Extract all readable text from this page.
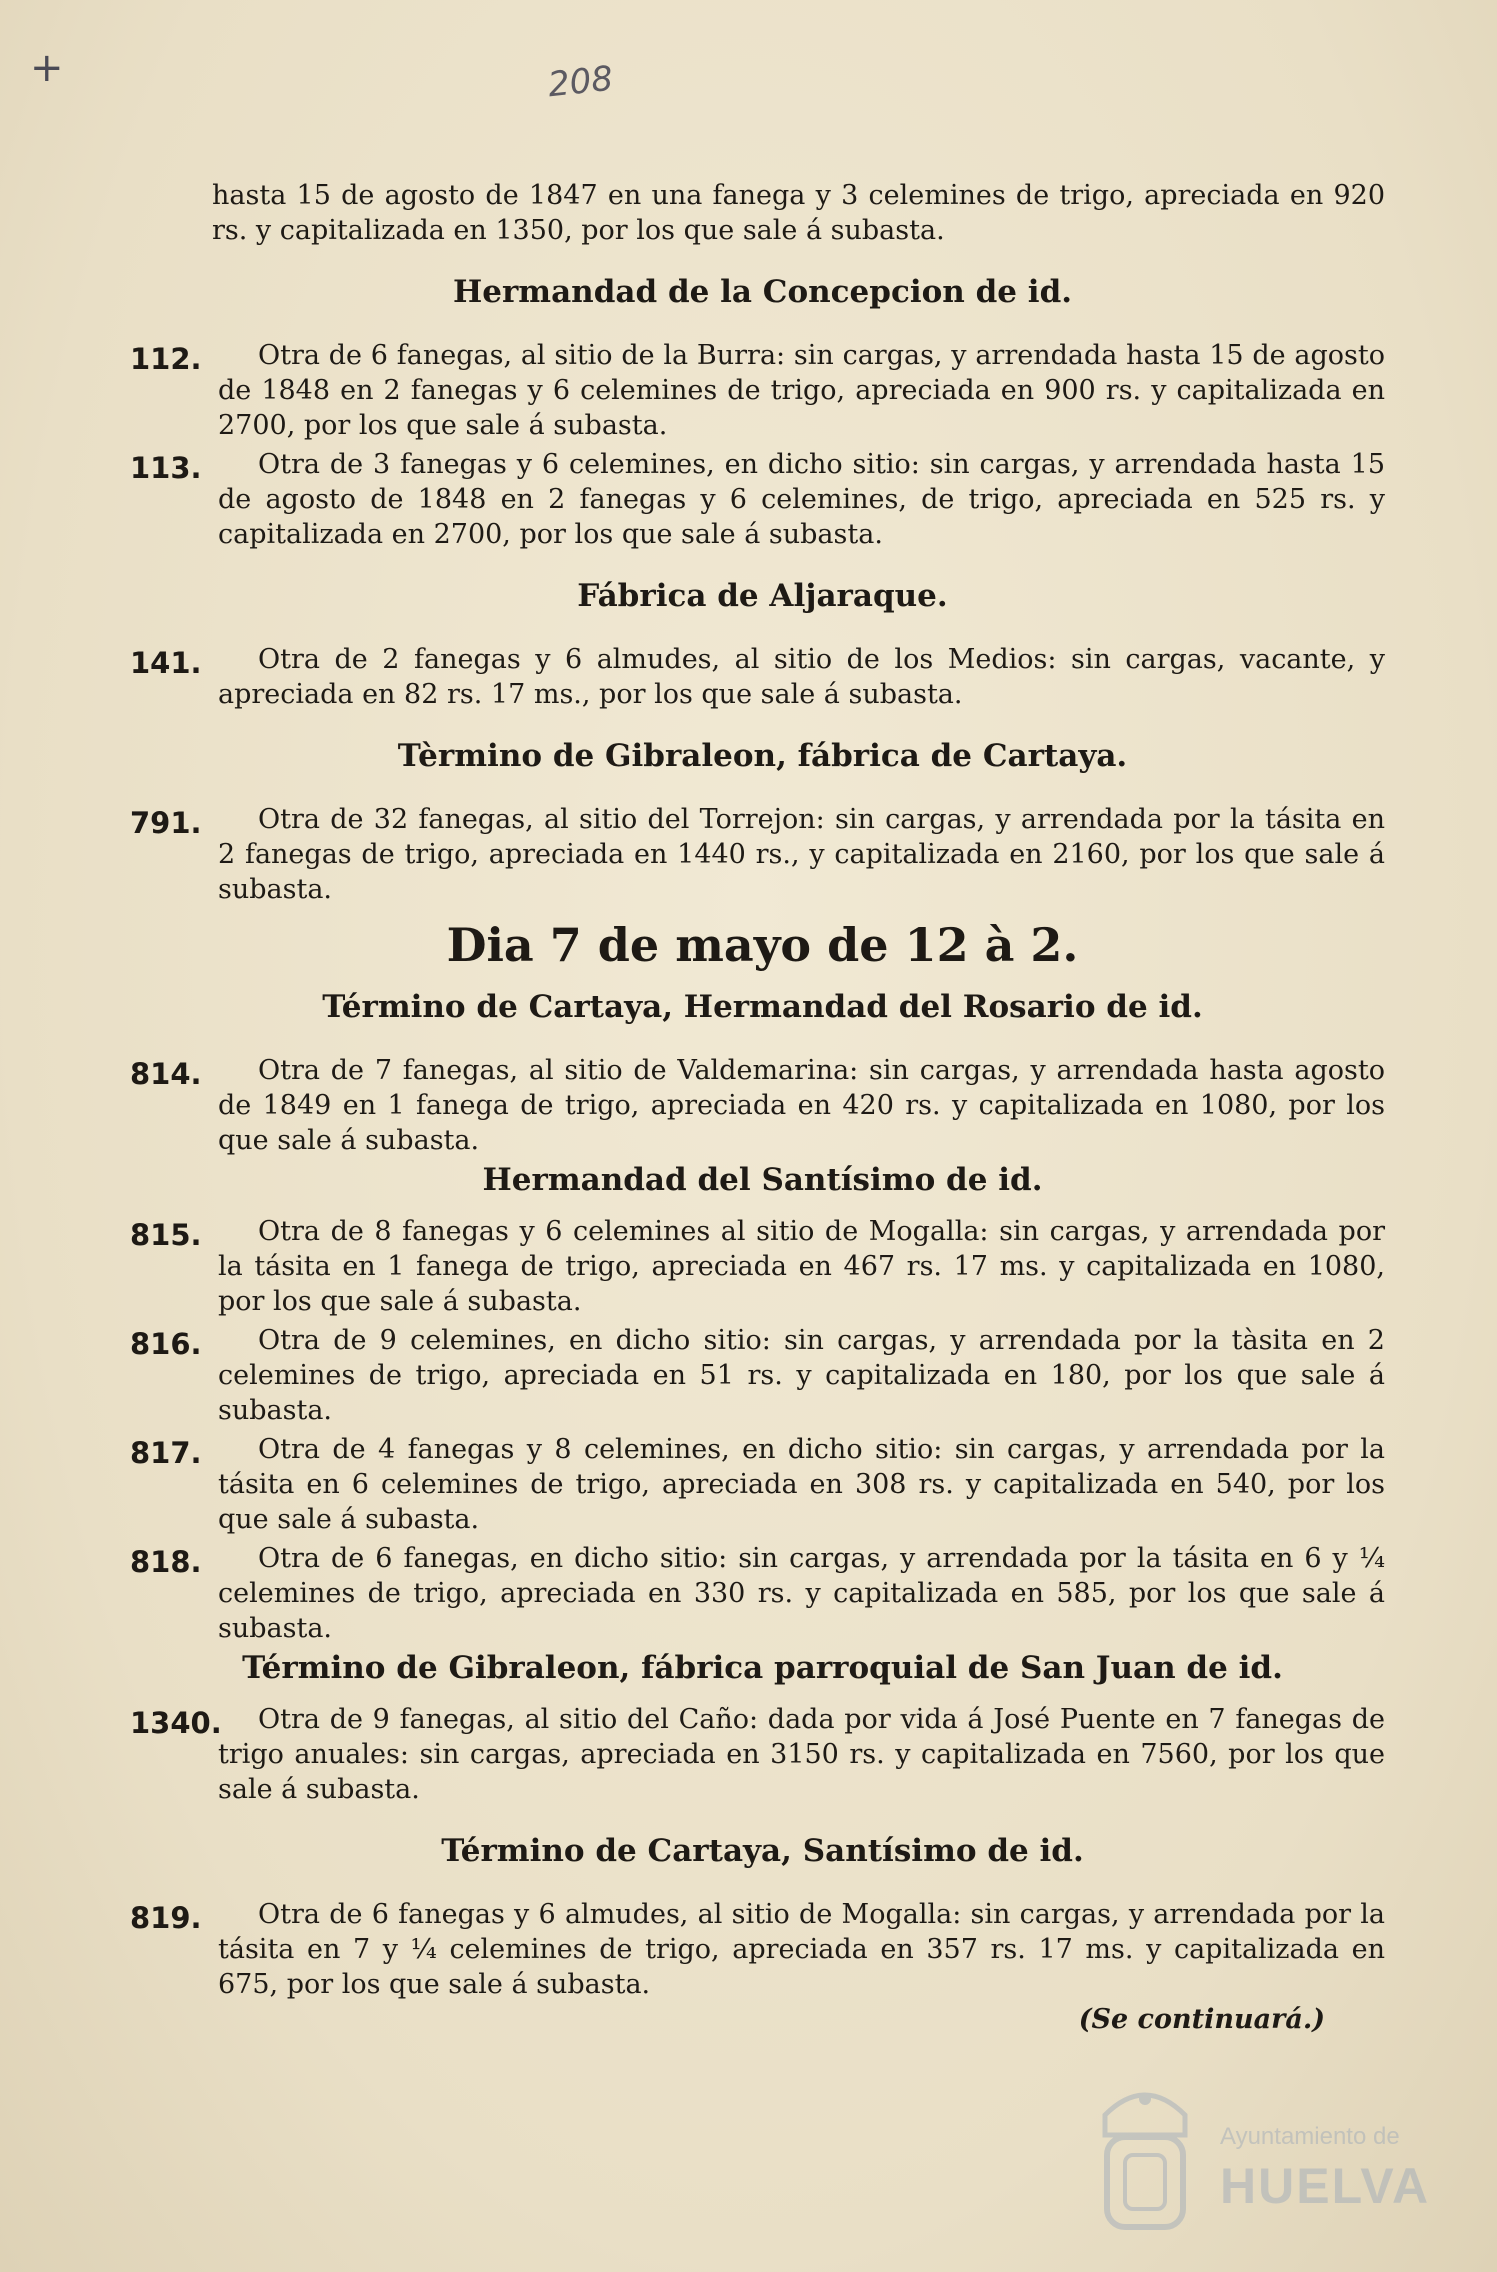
+	208
hasta 15 de agosto de 1847 en una fanega y 3 celemines de trigo, apreciada en 920 rs. y capitalizada en 1350, por los que sale á subasta.
Hermandad de la Concepcion de id.
112.	Otra de 6 fanegas, al sitio de la Burra: sin cargas, y arrendada hasta 15 de agosto de 1848 en 2 fanegas y 6 celemines de trigo, apreciada en 900 rs. y capitalizada en 2700, por los que sale á subasta.
113.	Otra de 3 fanegas y 6 celemines, en dicho sitio: sin cargas, y arrendada hasta 15 de agosto de 1848 en 2 fanegas y 6 celemines, de trigo, apreciada en 525 rs. y capitalizada en 2700, por los que sale á subasta.
Fábrica de Aljaraque.
141.	Otra de 2 fanegas y 6 almudes, al sitio de los Medios: sin cargas, vacante, y apreciada en 82 rs. 17 ms., por los que sale á subasta.
Tèrmino de Gibraleon, fábrica de Cartaya.
791.	Otra de 32 fanegas, al sitio del Torrejon: sin cargas, y arrendada por la tásita en 2 fanegas de trigo, apreciada en 1440 rs., y capitalizada en 2160, por los que sale á subasta.
Dia 7 de mayo de 12 à 2.
Término de Cartaya, Hermandad del Rosario de id.
814.	Otra de 7 fanegas, al sitio de Valdemarina: sin cargas, y arrendada hasta agosto de 1849 en 1 fanega de trigo, apreciada en 420 rs. y capitalizada en 1080, por los que sale á subasta.
Hermandad del Santísimo de id.
815.	Otra de 8 fanegas y 6 celemines al sitio de Mogalla: sin cargas, y arrendada por la tásita en 1 fanega de trigo, apreciada en 467 rs. 17 ms. y capitalizada en 1080, por los que sale á subasta.
816.	Otra de 9 celemines, en dicho sitio: sin cargas, y arrendada por la tàsita en 2 celemines de trigo, apreciada en 51 rs. y capitalizada en 180, por los que sale á subasta.
817.	Otra de 4 fanegas y 8 celemines, en dicho sitio: sin cargas, y arrendada por la tásita en 6 celemines de trigo, apreciada en 308 rs. y capitalizada en 540, por los que sale á subasta.
818.	Otra de 6 fanegas, en dicho sitio: sin cargas, y arrendada por la tásita en 6 y ¼ celemines de trigo, apreciada en 330 rs. y capitalizada en 585, por los que sale á subasta.
Término de Gibraleon, fábrica parroquial de San Juan de id.
1340.	Otra de 9 fanegas, al sitio del Caño: dada por vida á José Puente en 7 fanegas de trigo anuales: sin cargas, apreciada en 3150 rs. y capitalizada en 7560, por los que sale á subasta.
Término de Cartaya, Santísimo de id.
819.	Otra de 6 fanegas y 6 almudes, al sitio de Mogalla: sin cargas, y arrendada por la tásita en 7 y ¼ celemines de trigo, apreciada en 357 rs. 17 ms. y capitalizada en 675, por los que sale á subasta.
(Se continuará.)
Ayuntamiento de
HUELVA
